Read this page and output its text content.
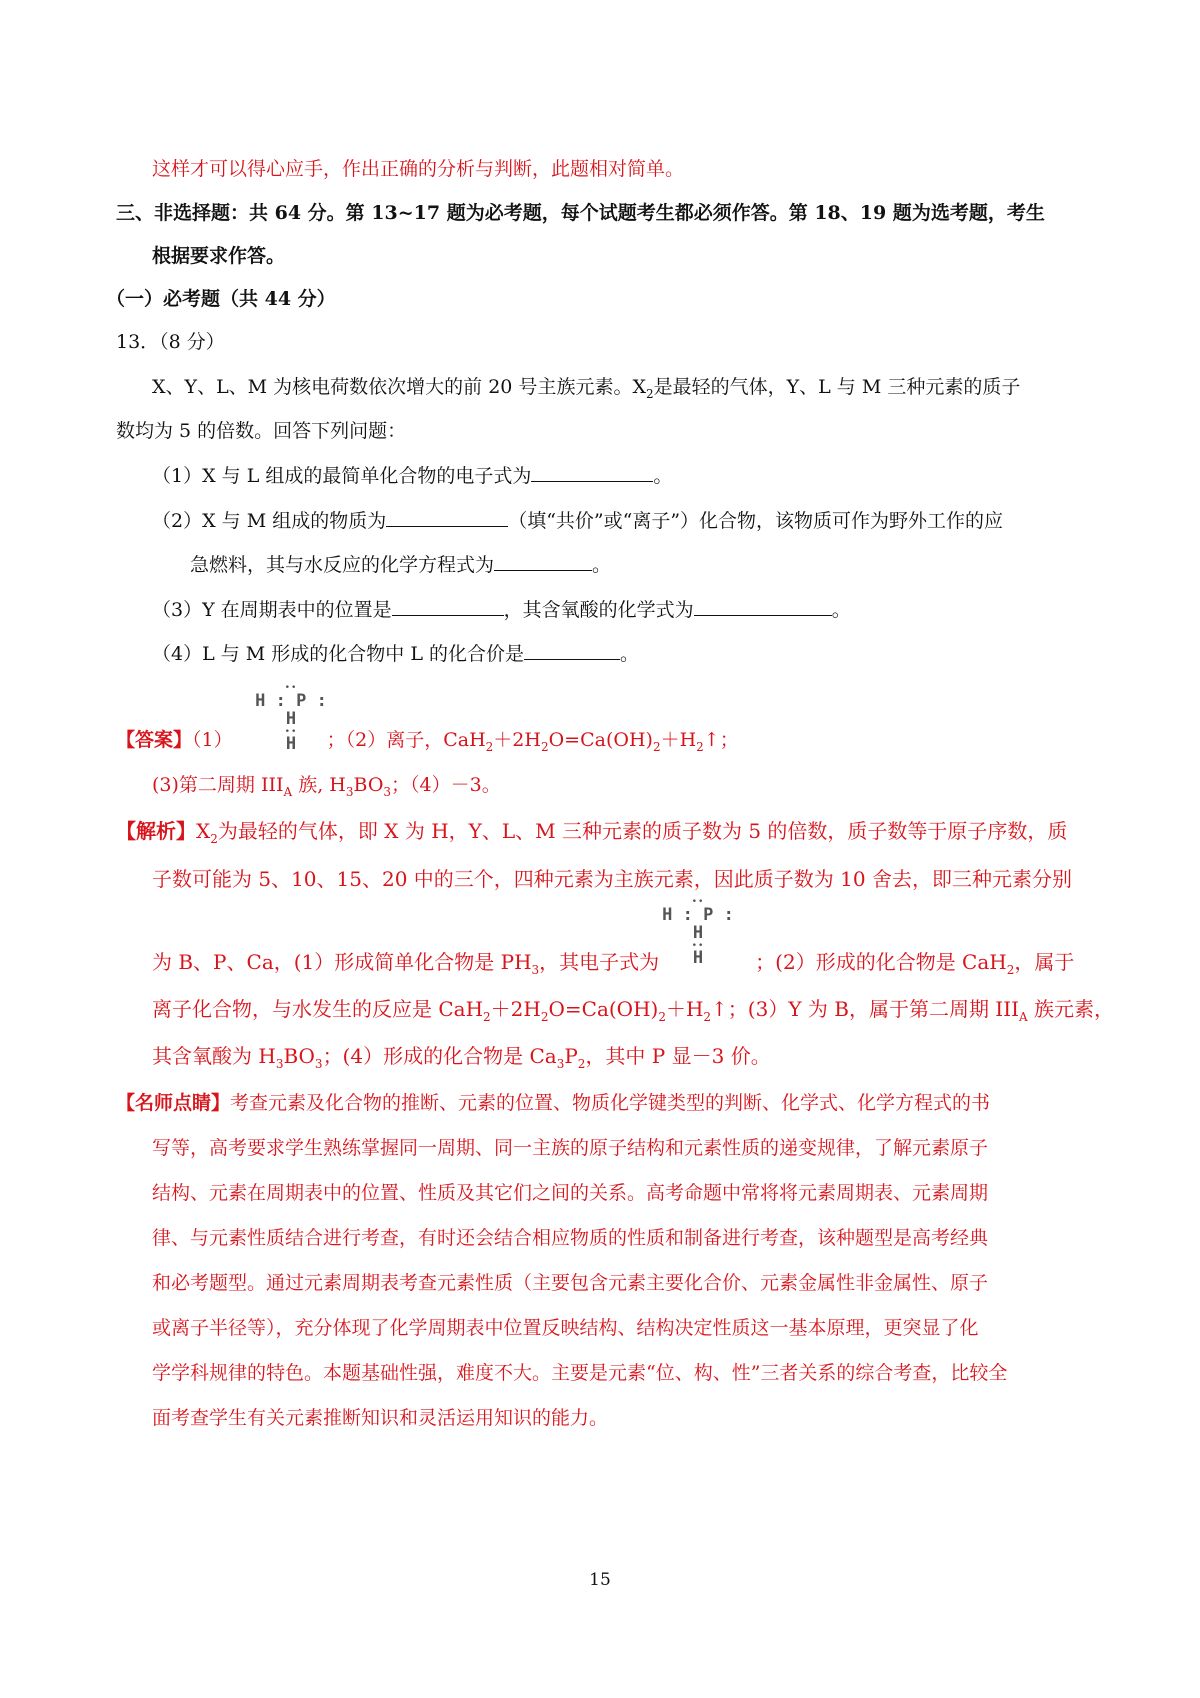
这样才可以得心应手，作出正确的分析与判断，此题相对简单。
三、非选择题：共 64 分。第 13~17 题为必考题，每个试题考生都必须作答。第 18、19 题为选考题，考生
根据要求作答。
（一）必考题（共 44 分）
13．（8 分）
X、Y、L、M 为核电荷数依次增大的前 20 号主族元素。$X_2$是最轻的气体，Y、L 与 M 三种元素的质子
数均为 5 的倍数。回答下列问题：
（1）X 与 L 组成的最简单化合物的电子式为	。
（2）X 与 M 组成的物质为	（填“共价”或“离子”）化合物，该物质可作为野外工作的应
急燃料，其与水反应的化学方程式为	。
（3）Y 在周期表中的位置是	，其含氧酸的化学式为	。
（4）L 与 M 形成的化合物中 L 的化合价是	。
••
H : P : H
••
H
【答案】（1）	；（2）离子，$CaH_2+2H_2O=Ca(OH)_2+H_2↑$；
(3)第二周期 $III_A$ 族, $H_3BO_3$；（4）－3。
【解析】$X_2$为最轻的气体，即 X 为 H，Y、L、M 三种元素的质子数为 5 的倍数，质子数等于原子序数，质
子数可能为 5、10、15、20 中的三个，四种元素为主族元素，因此质子数为 10 舍去，即三种元素分别
••
H : P : H
••
H
为 B、P、Ca，(1）形成简单化合物是 $PH_3$，其电子式为	；(2）形成的化合物是 CaH$_2$，属于
离子化合物，与水发生的反应是 $CaH_2+2H_2O=Ca(OH)_2+H_2↑$；(3）Y 为 B，属于第二周期 $III_A$ 族元素，
其含氧酸为 $H_3BO_3$；(4）形成的化合物是 $Ca_3P_2$，其中 P 显－3 价。
【名师点睛】考查元素及化合物的推断、元素的位置、物质化学键类型的判断、化学式、化学方程式的书
写等，高考要求学生熟练掌握同一周期、同一主族的原子结构和元素性质的递变规律，了解元素原子
结构、元素在周期表中的位置、性质及其它们之间的关系。高考命题中常将将元素周期表、元素周期
律、与元素性质结合进行考查，有时还会结合相应物质的性质和制备进行考查，该种题型是高考经典
和必考题型。通过元素周期表考查元素性质（主要包含元素主要化合价、元素金属性非金属性、原子
或离子半径等），充分体现了化学周期表中位置反映结构、结构决定性质这一基本原理，更突显了化
学学科规律的特色。本题基础性强，难度不大。主要是元素“位、构、性”三者关系的综合考查，比较全
面考查学生有关元素推断知识和灵活运用知识的能力。
15
